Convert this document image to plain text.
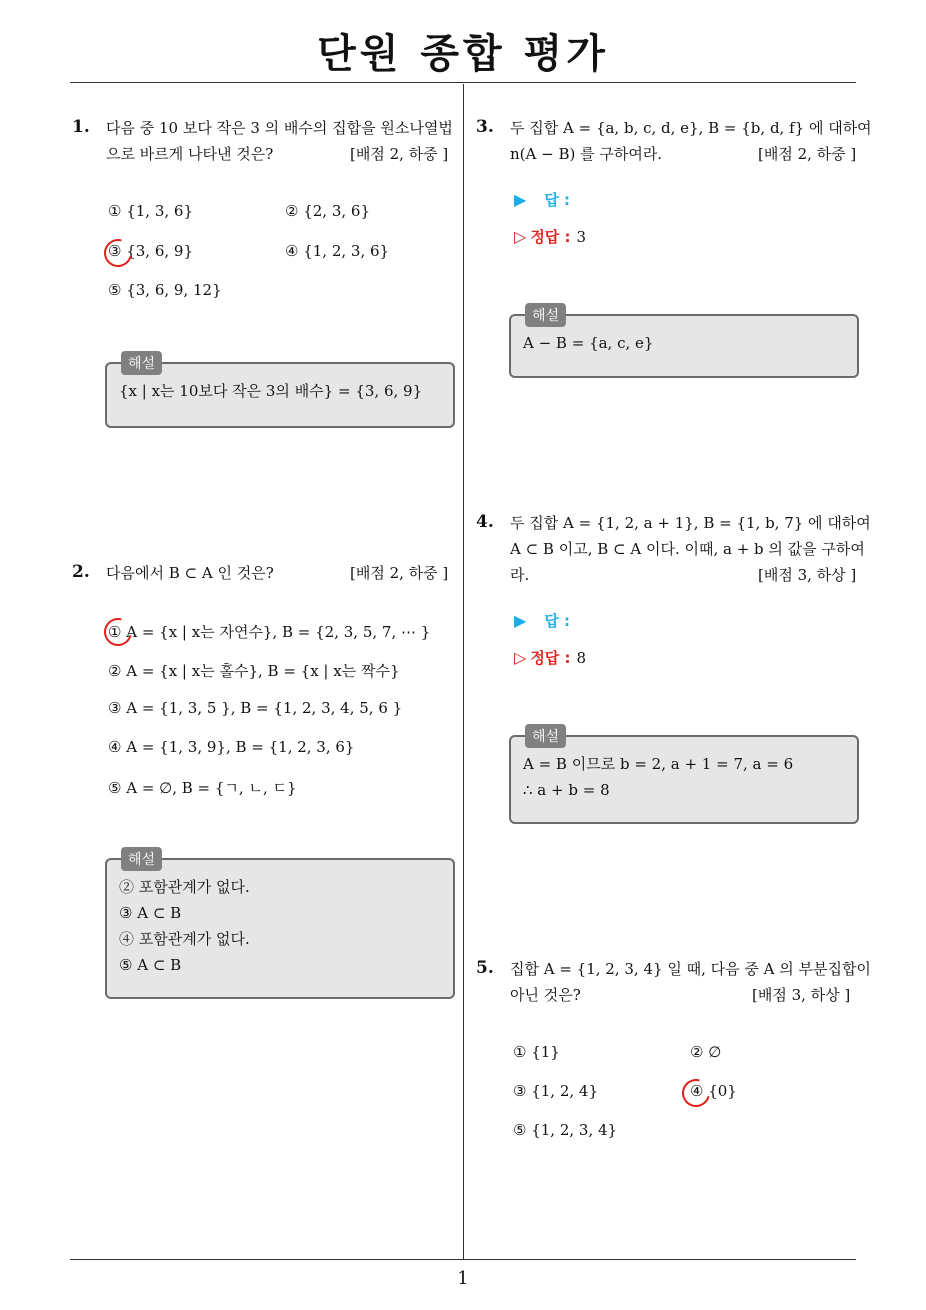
단원 종합 평가
1
1. 다음 중 10 보다 작은 3 의 배수의 집합을 원소나열법
으로 바르게 나타낸 것은?	[배점 2, 하중 ]
① {1, 3, 6}	② {2, 3, 6}
③ {3, 6, 9}	④ {1, 2, 3, 6}
⑤ {3, 6, 9, 12}
해설
{x | x는 10보다 작은 3의 배수} = {3, 6, 9}
2. 다음에서 B ⊂ A 인 것은?	[배점 2, 하중 ]
① A = {x | x는 자연수}, B = {2, 3, 5, 7, ⋯ }
② A = {x | x는 홀수}, B = {x | x는 짝수}
③ A = {1, 3, 5 }, B = {1, 2, 3, 4, 5, 6 }
④ A = {1, 3, 9}, B = {1, 2, 3, 6}
⑤ A = ∅, B = {ㄱ, ㄴ, ㄷ}
해설
② 포함관계가 없다.
③ A ⊂ B
④ 포함관계가 없다.
⑤ A ⊂ B
3. 두 집합 A = {a, b, c, d, e}, B = {b, d, f} 에 대하여
n(A − B) 를 구하여라.	[배점 2, 하중 ]
▶ 답 :
▷ 정답 : 3
해설
A − B = {a, c, e}
4. 두 집합 A = {1, 2, a + 1}, B = {1, b, 7} 에 대하여
A ⊂ B 이고, B ⊂ A 이다. 이때, a + b 의 값을 구하여
라.	[배점 3, 하상 ]
▶ 답 :
▷ 정답 : 8
해설
A = B 이므로 b = 2, a + 1 = 7, a = 6
∴ a + b = 8
5. 집합 A = {1, 2, 3, 4} 일 때, 다음 중 A 의 부분집합이
아닌 것은?	[배점 3, 하상 ]
① {1}	② ∅
③ {1, 2, 4}	④ {0}
⑤ {1, 2, 3, 4}
